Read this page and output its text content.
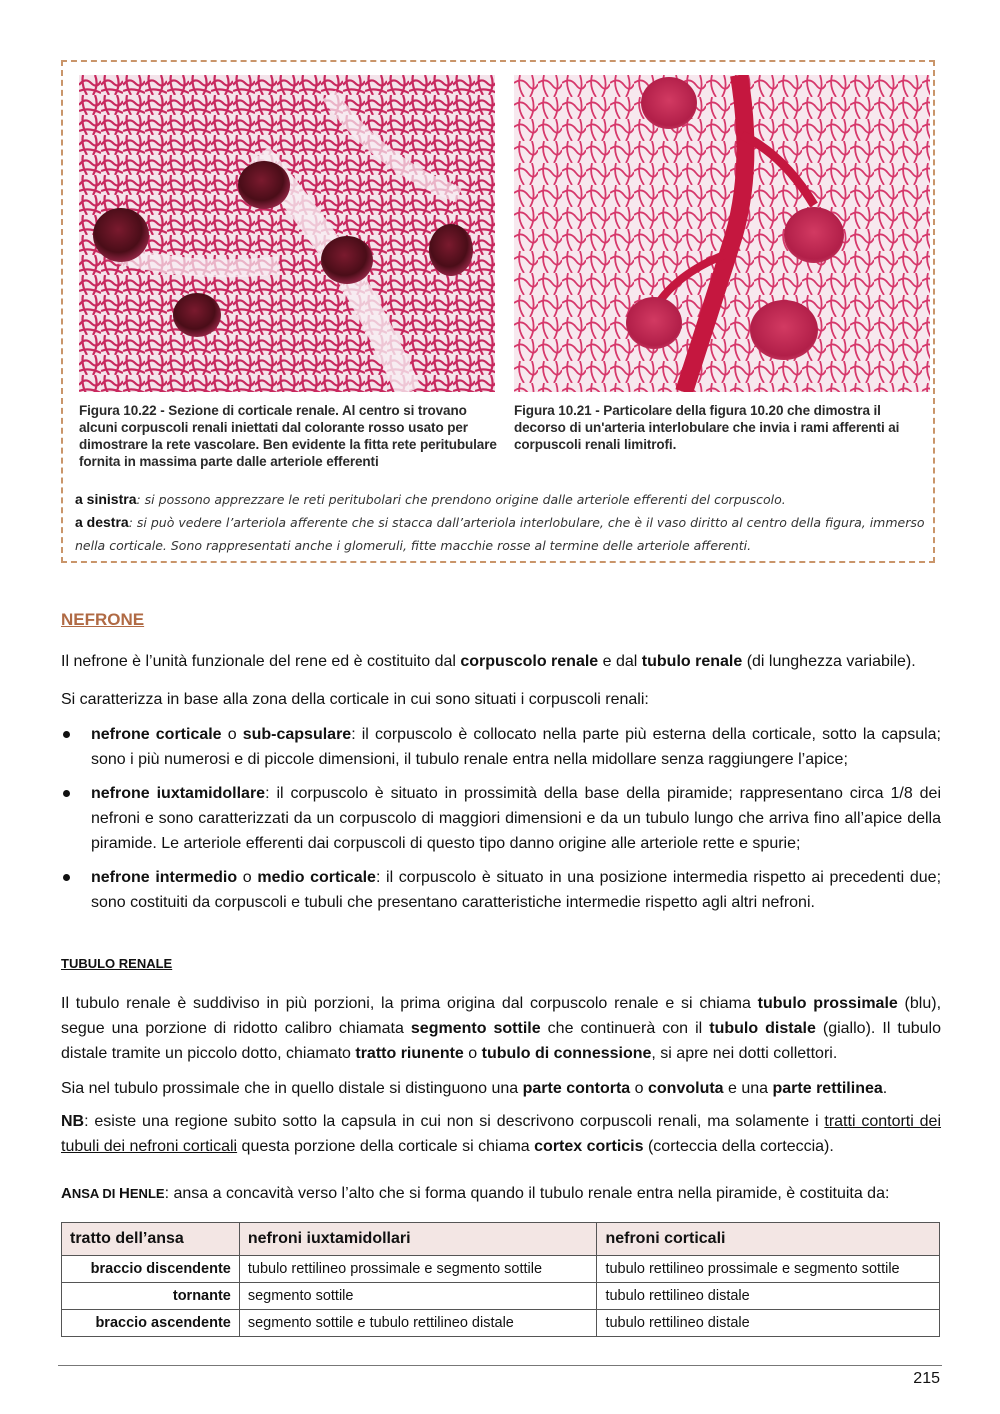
Figura 10.22 - Sezione di corticale renale. Al centro si trovano alcuni corpuscoli renali iniettati dal colorante rosso usato per dimostrare la rete vascolare. Ben evidente la fitta rete peritubulare fornita in massima parte dalle arteriole efferenti
Figura 10.21 - Particolare della figura 10.20 che dimostra il decorso di un'arteria interlobulare che invia i rami afferenti ai corpuscoli renali limitrofi.
a sinistra: si possono apprezzare le reti peritubolari che prendono origine dalle arteriole efferenti del corpuscolo.
a destra: si può vedere l’arteriola afferente che si stacca dall’arteriola interlobulare, che è il vaso diritto al centro della figura, immerso nella corticale. Sono rappresentati anche i glomeruli, fitte macchie rosse al termine delle arteriole afferenti.
NEFRONE
Il nefrone è l’unità funzionale del rene ed è costituito dal corpuscolo renale e dal tubulo renale (di lunghezza variabile).
Si caratterizza in base alla zona della corticale in cui sono situati i corpuscoli renali:
nefrone corticale o sub-capsulare: il corpuscolo è collocato nella parte più esterna della corticale, sotto la capsula; sono i più numerosi e di piccole dimensioni, il tubulo renale entra nella midollare senza raggiungere l’apice;
nefrone iuxtamidollare: il corpuscolo è situato in prossimità della base della piramide; rappresentano circa 1/8 dei nefroni e sono caratterizzati da un corpuscolo di maggiori dimensioni e da un tubulo lungo che arriva fino all’apice della piramide. Le arteriole efferenti dai corpuscoli di questo tipo danno origine alle arteriole rette e spurie;
nefrone intermedio o medio corticale: il corpuscolo è situato in una posizione intermedia rispetto ai precedenti due; sono costituiti da corpuscoli e tubuli che presentano caratteristiche intermedie rispetto agli altri nefroni.
TUBULO RENALE
Il tubulo renale è suddiviso in più porzioni, la prima origina dal corpuscolo renale e si chiama tubulo prossimale (blu), segue una porzione di ridotto calibro chiamata segmento sottile che continuerà con il tubulo distale (giallo). Il tubulo distale tramite un piccolo dotto, chiamato tratto riunente o tubulo di connessione, si apre nei dotti collettori.
Sia nel tubulo prossimale che in quello distale si distinguono una parte contorta o convoluta e una parte rettilinea.
NB: esiste una regione subito sotto la capsula in cui non si descrivono corpuscoli renali, ma solamente i tratti contorti dei tubuli dei nefroni corticali questa porzione della corticale si chiama cortex corticis (corteccia della corteccia).
ANSA DI HENLE: ansa a concavità verso l’alto che si forma quando il tubulo renale entra nella piramide, è costituita da:
tratto dell’ansa	nefroni iuxtamidollari	nefroni corticali
braccio discendente	tubulo rettilineo prossimale e segmento sottile	tubulo rettilineo prossimale e segmento sottile
tornante	segmento sottile	tubulo rettilineo distale
braccio ascendente	segmento sottile e tubulo rettilineo distale	tubulo rettilineo distale
215
